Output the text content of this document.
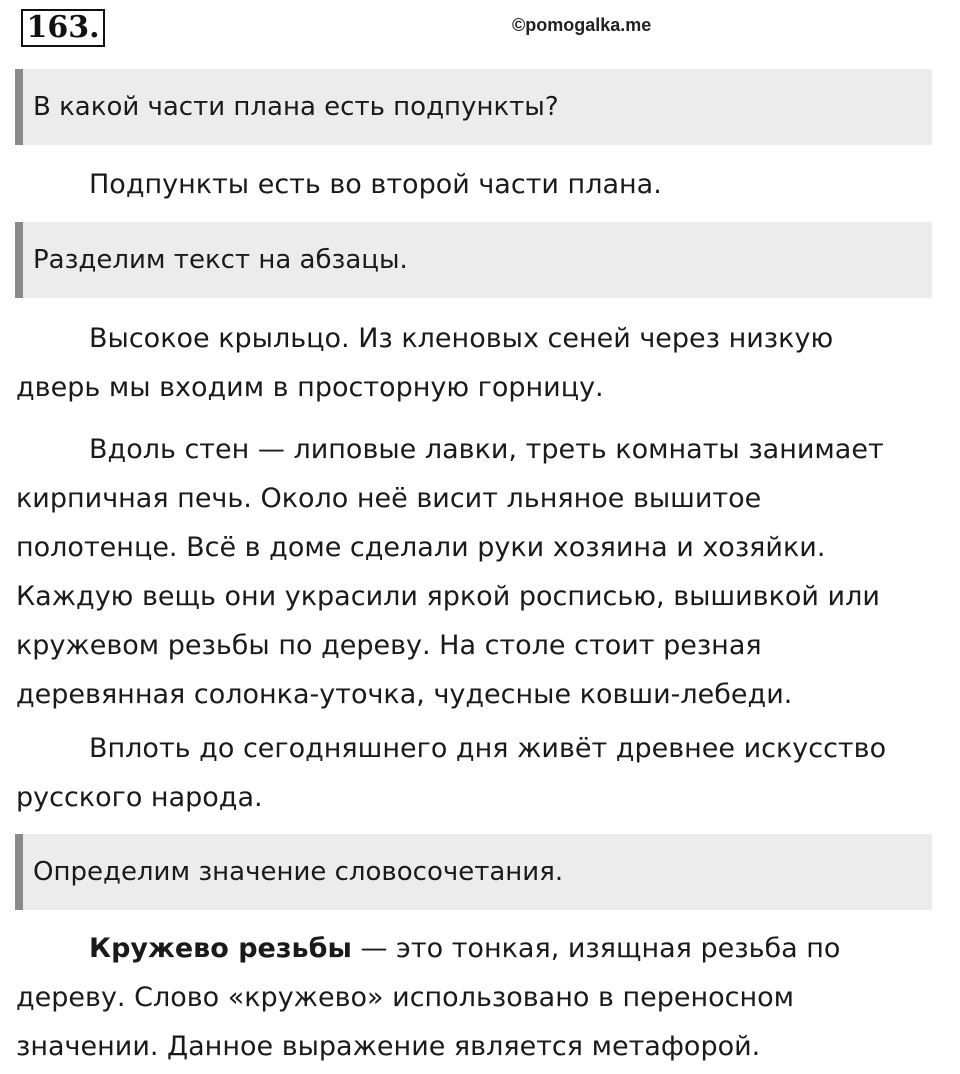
163.	©pomogalka.me
В какой части плана есть подпункты?
Подпункты есть во второй части плана.
Разделим текст на абзацы.
Высокое крыльцо. Из кленовых сеней через низкую
дверь мы входим в просторную горницу.
Вдоль стен — липовые лавки, треть комнаты занимает
кирпичная печь. Около неё висит льняное вышитое
полотенце. Всё в доме сделали руки хозяина и хозяйки.
Каждую вещь они украсили яркой росписью, вышивкой или
кружевом резьбы по дереву. На столе стоит резная
деревянная солонка-уточка, чудесные ковши-лебеди.
Вплоть до сегодняшнего дня живёт древнее искусство
русского народа.
Определим значение словосочетания.
Кружево резьбы — это тонкая, изящная резьба по
дереву. Слово «кружево» использовано в переносном
значении. Данное выражение является метафорой.
